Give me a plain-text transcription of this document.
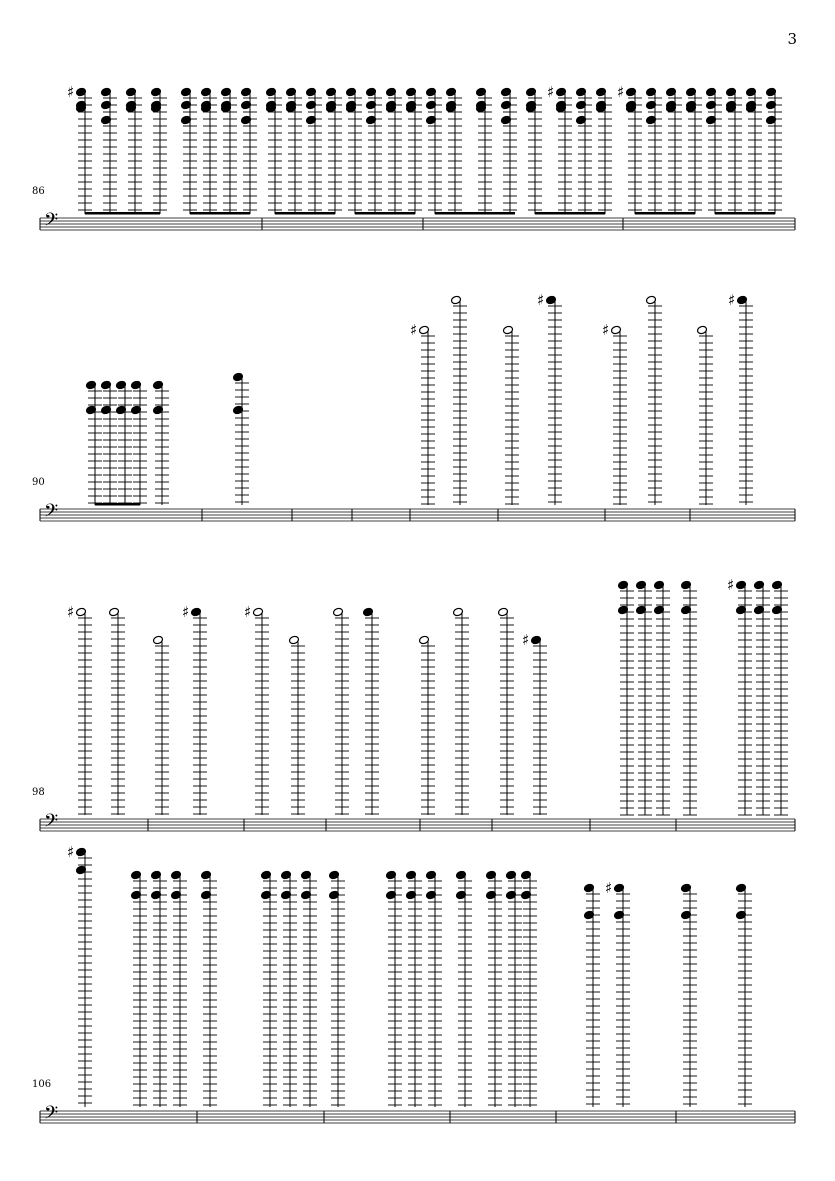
3
𝄢
86
♯	♯	♯
𝄢
90
♯
♯
♯
♯
𝄢
98
♯	♯	♯
♯
♯
𝄢
106
♯
♯
